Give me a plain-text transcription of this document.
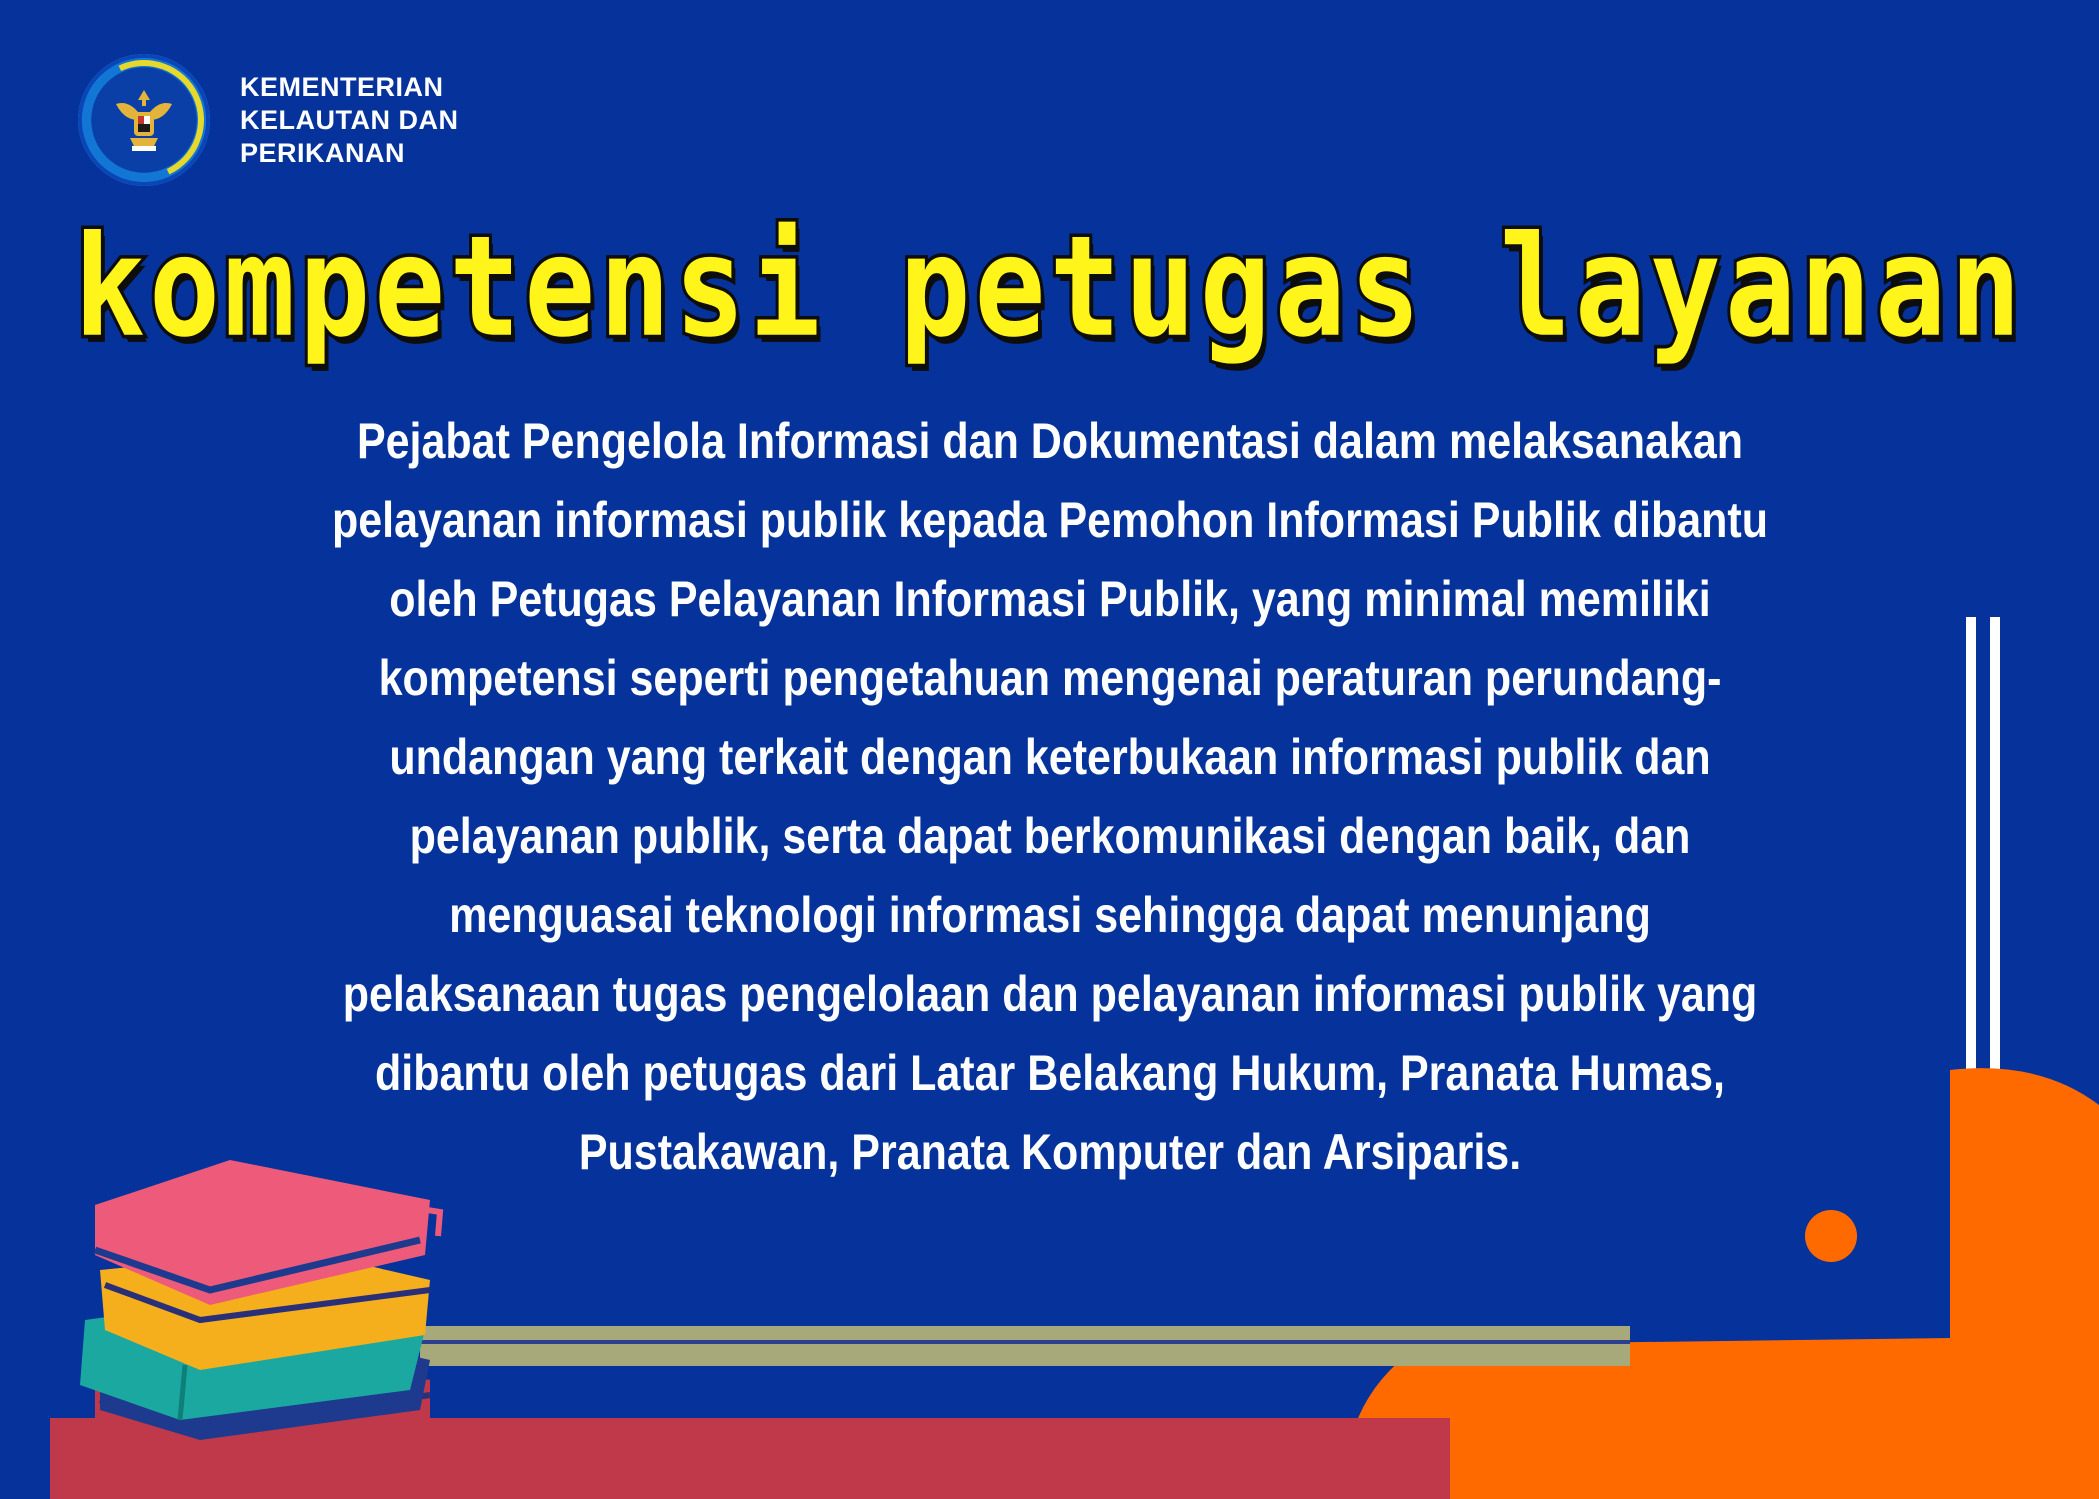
KEMENTERIAN
KELAUTAN DAN
PERIKANAN
kompetensi petugas layanan
Pejabat Pengelola Informasi dan Dokumentasi dalam melaksanakan pelayanan informasi publik kepada Pemohon Informasi Publik dibantu oleh Petugas Pelayanan Informasi Publik, yang minimal memiliki kompetensi seperti pengetahuan mengenai peraturan perundang-undangan yang terkait dengan keterbukaan informasi publik dan pelayanan publik, serta dapat berkomunikasi dengan baik, dan menguasai teknologi informasi sehingga dapat menunjang pelaksanaan tugas pengelolaan dan pelayanan informasi publik yang dibantu oleh petugas dari Latar Belakang Hukum, Pranata Humas, Pustakawan, Pranata Komputer dan Arsiparis.
